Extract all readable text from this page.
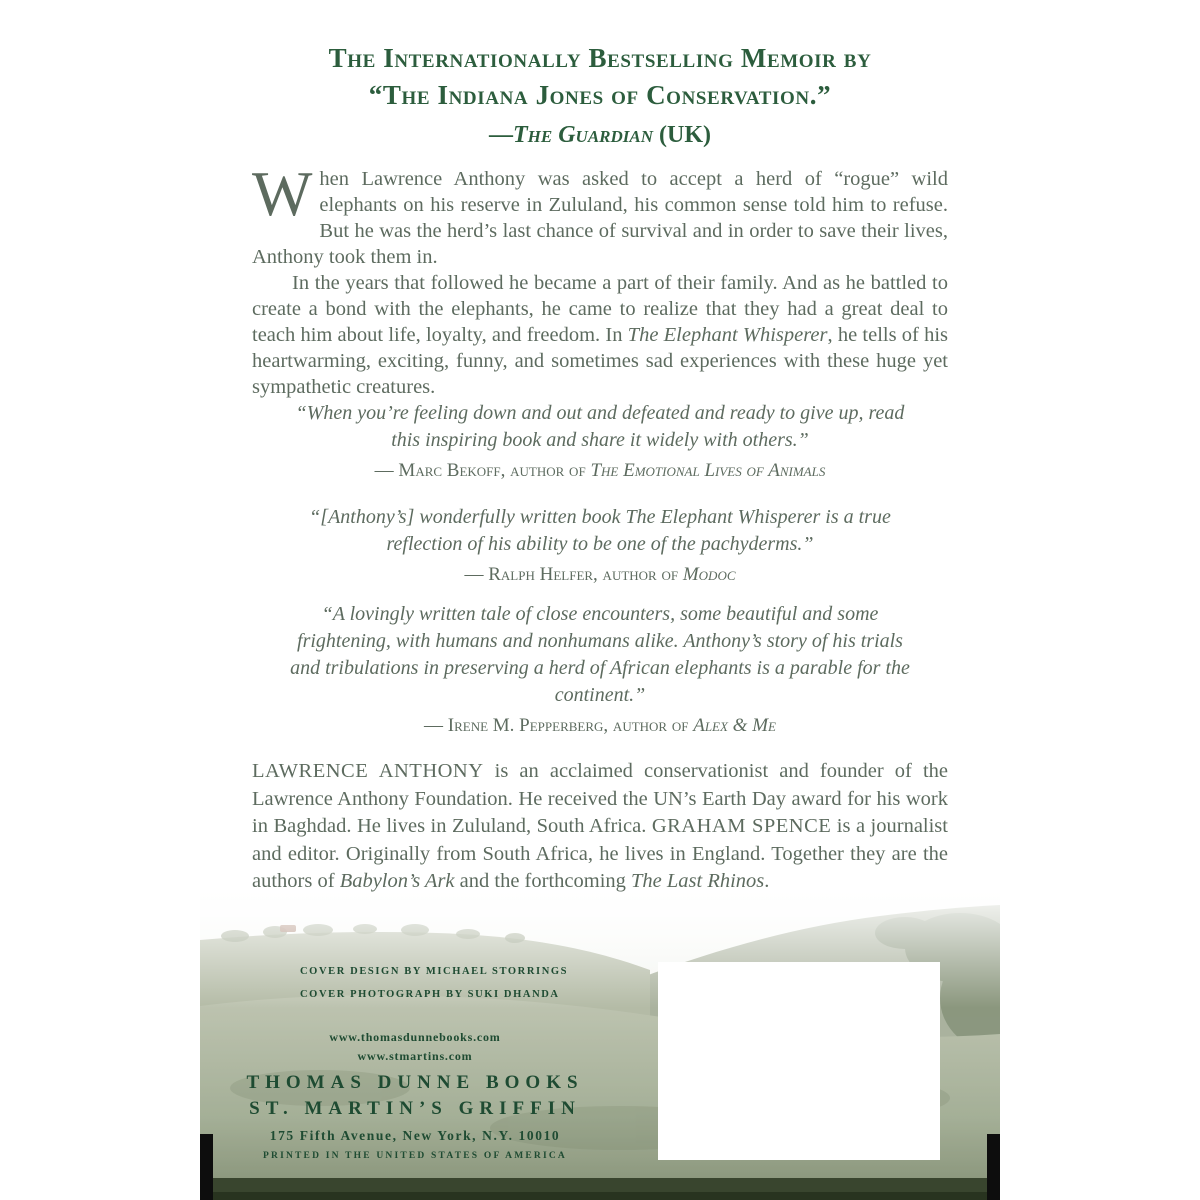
The Internationally Bestselling Memoir by
“The Indiana Jones of Conservation.”
—The Guardian (UK)

When Lawrence Anthony was asked to accept a herd of “rogue” wild elephants on his reserve in Zululand, his common sense told him to refuse. But he was the herd’s last chance of survival and in order to save their lives, Anthony took them in.

In the years that followed he became a part of their family. And as he battled to create a bond with the elephants, he came to realize that they had a great deal to teach him about life, loyalty, and freedom. In The Elephant Whisperer, he tells of his heartwarming, exciting, funny, and sometimes sad experiences with these huge yet sympathetic creatures.

“When you’re feeling down and out and defeated and ready to give up, read this inspiring book and share it widely with others.”

— Marc Bekoff, author of The Emotional Lives of Animals

“[Anthony’s] wonderfully written book The Elephant Whisperer is a true reflection of his ability to be one of the pachyderms.”

— Ralph Helfer, author of Modoc

“A lovingly written tale of close encounters, some beautiful and some frightening, with humans and nonhumans alike. Anthony’s story of his trials and tribulations in preserving a herd of African elephants is a parable for the continent.”

— Irene M. Pepperberg, author of Alex & Me

LAWRENCE ANTHONY is an acclaimed conservationist and founder of the Lawrence Anthony Foundation. He received the UN’s Earth Day award for his work in Baghdad. He lives in Zululand, South Africa. GRAHAM SPENCE is a journalist and editor. Originally from South Africa, he lives in England. Together they are the authors of Babylon’s Ark and the forthcoming The Last Rhinos.

COVER DESIGN BY MICHAEL STORRINGS
COVER PHOTOGRAPH BY SUKI DHANDA
www.thomasdunnebooks.com
www.stmartins.com
THOMAS DUNNE BOOKS
ST. MARTIN’S GRIFFIN
175 Fifth Avenue, New York, N.Y. 10010
PRINTED IN THE UNITED STATES OF AMERICA
